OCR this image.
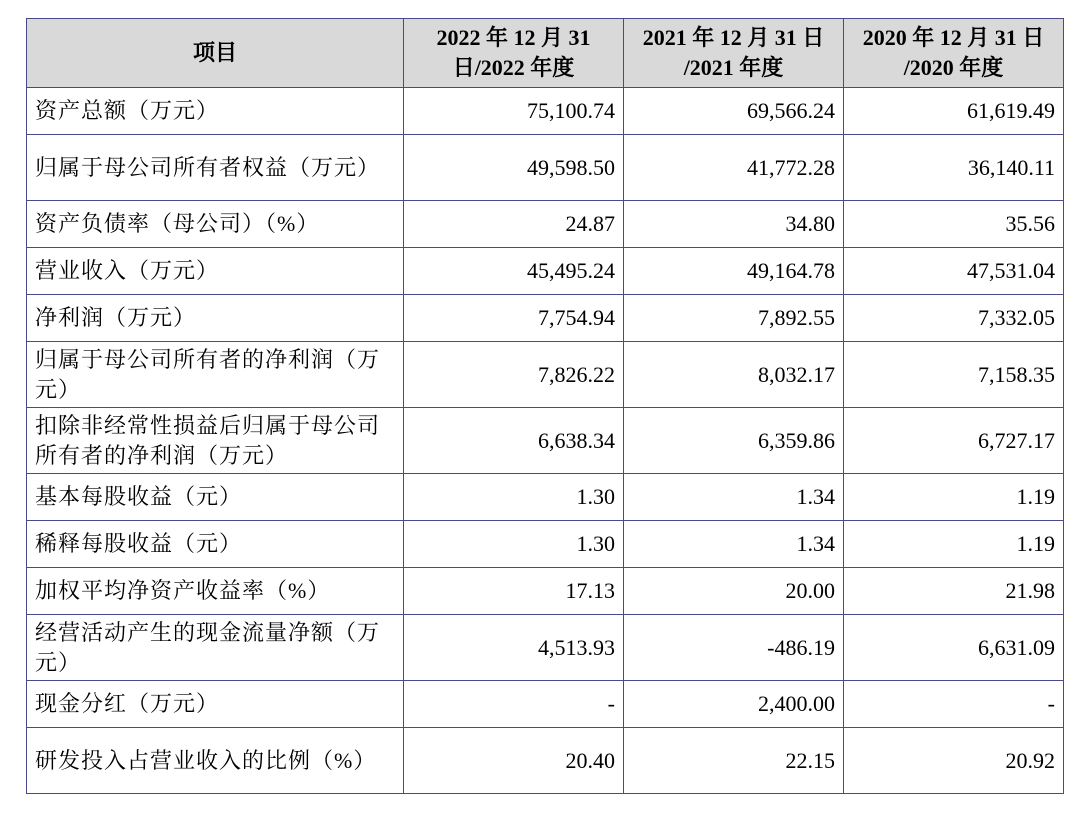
项目	2022 年 12 月 31 日/2022 年度	2021 年 12 月 31 日 /2021 年度	2020 年 12 月 31 日 /2020 年度
资产总额（万元）	75,100.74	69,566.24	61,619.49
归属于母公司所有者权益（万元）	49,598.50	41,772.28	36,140.11
资产负债率（母公司）（%）	24.87	34.80	35.56
营业收入（万元）	45,495.24	49,164.78	47,531.04
净利润（万元）	7,754.94	7,892.55	7,332.05
归属于母公司所有者的净利润（万元）	7,826.22	8,032.17	7,158.35
扣除非经常性损益后归属于母公司所有者的净利润（万元）	6,638.34	6,359.86	6,727.17
基本每股收益（元）	1.30	1.34	1.19
稀释每股收益（元）	1.30	1.34	1.19
加权平均净资产收益率（%）	17.13	20.00	21.98
经营活动产生的现金流量净额（万元）	4,513.93	-486.19	6,631.09
现金分红（万元）	-	2,400.00	-
研发投入占营业收入的比例（%）	20.40	22.15	20.92
